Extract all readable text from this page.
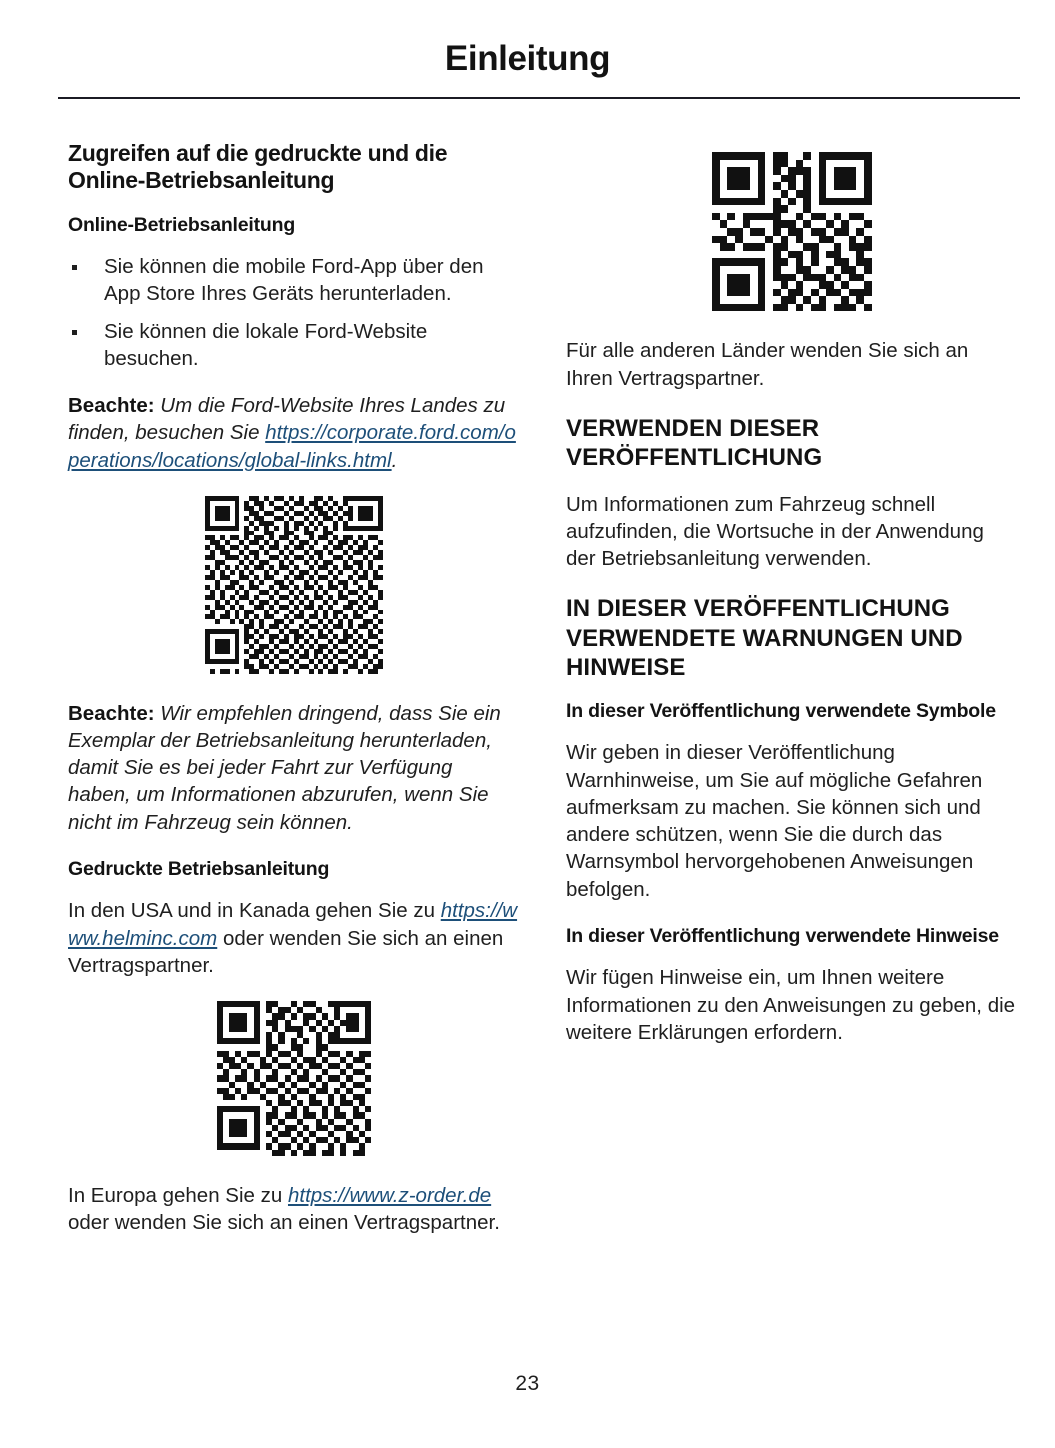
Einleitung
Zugreifen auf die gedruckte und die Online-Betriebsanleitung
Online-Betriebsanleitung
Sie können die mobile Ford-App über den App Store Ihres Geräts herunterladen.
Sie können die lokale Ford-Website besuchen.

Beachte: Um die Ford-Website Ihres Landes zu finden, besuchen Sie https://corporate.ford.com/operations/locations/global-links.html.

Beachte: Wir empfehlen dringend, dass Sie ein Exemplar der Betriebsanleitung herunterladen, damit Sie es bei jeder Fahrt zur Verfügung haben, um Informationen abzurufen, wenn Sie nicht im Fahrzeug sein können.

Gedruckte Betriebsanleitung

In den USA und in Kanada gehen Sie zu https://www.helminc.com oder wenden Sie sich an einen Vertragspartner.

In Europa gehen Sie zu https://www.z-order.de oder wenden Sie sich an einen Vertragspartner.

Für alle anderen Länder wenden Sie sich an Ihren Vertragspartner.

VERWENDEN DIESER VERÖFFENTLICHUNG

Um Informationen zum Fahrzeug schnell aufzufinden, die Wortsuche in der Anwendung der Betriebsanleitung verwenden.

IN DIESER VERÖFFENTLICHUNG VERWENDETE WARNUNGEN UND HINWEISE
In dieser Veröffentlichung verwendete Symbole

Wir geben in dieser Veröffentlichung Warnhinweise, um Sie auf mögliche Gefahren aufmerksam zu machen. Sie können sich und andere schützen, wenn Sie die durch das Warnsymbol hervorgehobenen Anweisungen befolgen.

In dieser Veröffentlichung verwendete Hinweise

Wir fügen Hinweise ein, um Ihnen weitere Informationen zu den Anweisungen zu geben, die weitere Erklärungen erfordern.

23
